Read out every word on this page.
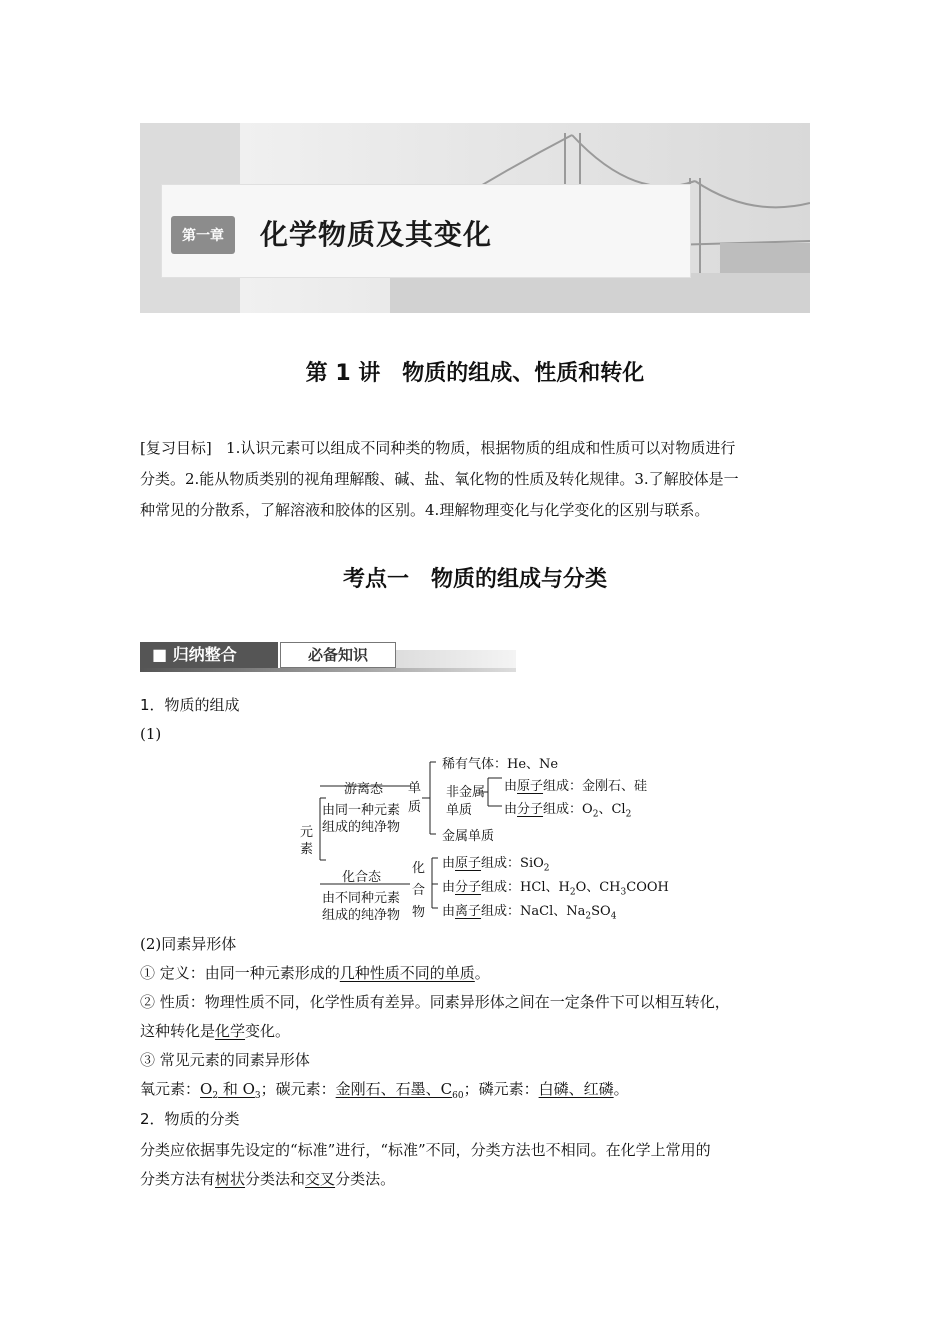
第一章	化学物质及其变化
第 1 讲　物质的组成、性质和转化
[复习目标] 1.认识元素可以组成不同种类的物质，根据物质的组成和性质可以对物质进行
分类。2.能从物质类别的视角理解酸、碱、盐、氧化物的性质及转化规律。3.了解胶体是一
种常见的分散系，了解溶液和胶体的区别。4.理解物理变化与化学变化的区别与联系。
考点一　物质的组成与分类
■ 归纳整合	必备知识
1．物质的组成
(1)
元素
游离态
由同一种元素
组成的纯净物
单质
化合态
由不同种元素
组成的纯净物
化合物
稀有气体：He、Ne
非金属
单质
由原子组成：金刚石、硅
由分子组成：$O_2$、$Cl_2$
金属单质
由原子组成：SiO$_2$
由分子组成：HCl、$H_2O$、$CH_3COOH$
由离子组成：NaCl、$Na_2SO_4$
(2)同素异形体
① 定义：由同一种元素形成的几种性质不同的单质。
② 性质：物理性质不同，化学性质有差异。同素异形体之间在一定条件下可以相互转化，
这种转化是化学变化。
③ 常见元素的同素异形体
氧元素：$O_2$ 和 $O_3$；碳元素：金刚石、石墨、$C_{60}$；磷元素：白磷、红磷。
2．物质的分类
分类应依据事先设定的“标准”进行，“标准”不同，分类方法也不相同。在化学上常用的
分类方法有树状分类法和交叉分类法。
